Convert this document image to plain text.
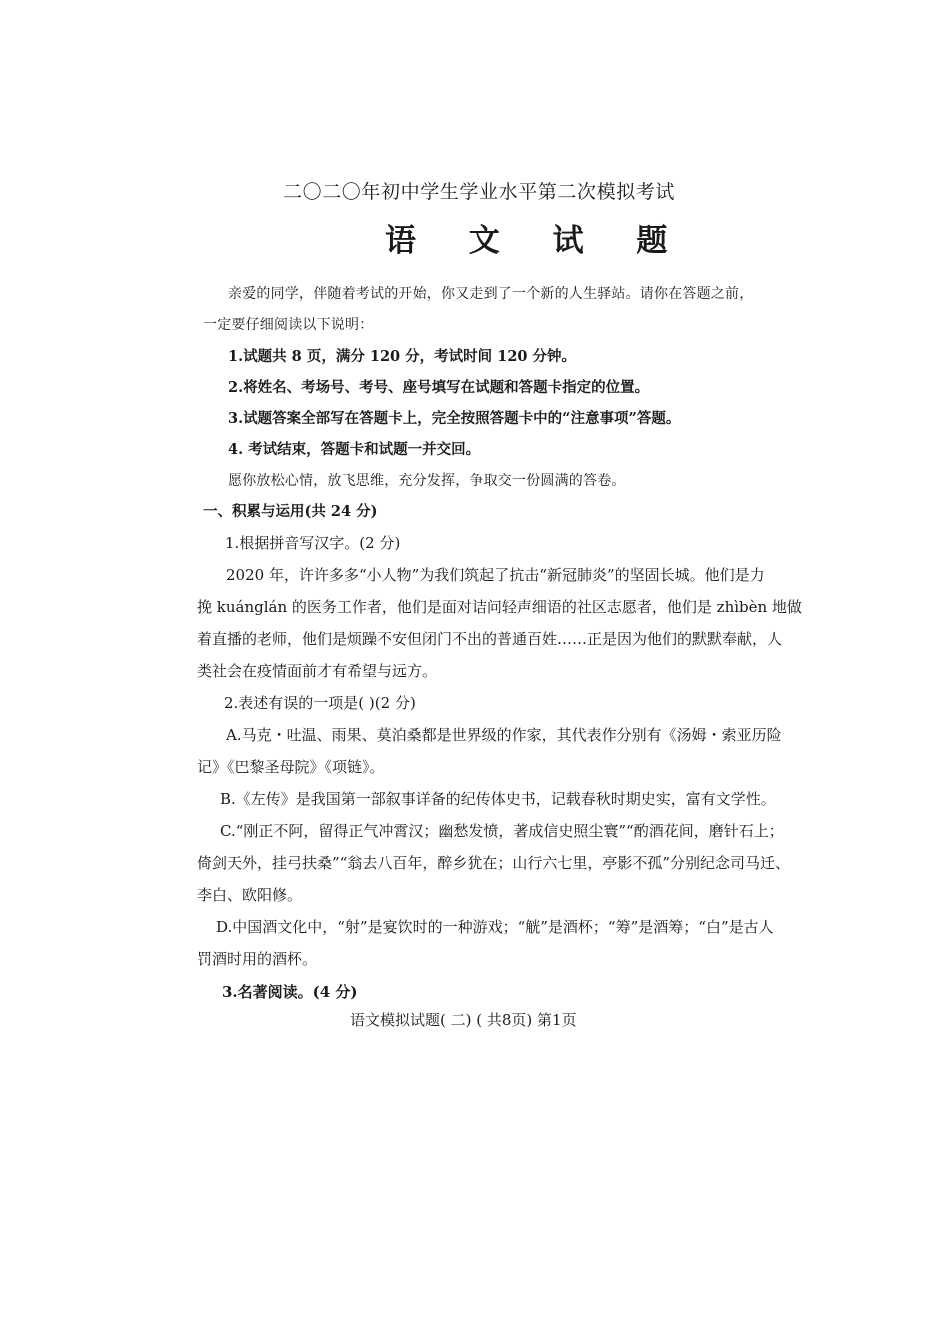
二〇二〇年初中学生学业水平第二次模拟考试
语 文 试 题
亲爱的同学，伴随着考试的开始，你又走到了一个新的人生驿站。请你在答题之前，
一定要仔细阅读以下说明：
1.试题共 8 页，满分 120 分，考试时间 120 分钟。
2.将姓名、考场号、考号、座号填写在试题和答题卡指定的位置。
3.试题答案全部写在答题卡上，完全按照答题卡中的“注意事项”答题。
4. 考试结束，答题卡和试题一并交回。
愿你放松心情，放飞思维，充分发挥，争取交一份圆满的答卷。
一、积累与运用(共 24 分)
1.根据拼音写汉字。(2 分)
2020 年，许许多多“小人物”为我们筑起了抗击“新冠肺炎”的坚固长城。他们是力
挽 kuánglán 的医务工作者，他们是面对诘问轻声细语的社区志愿者，他们是 zhìbèn 地做
着直播的老师，他们是烦躁不安但闭门不出的普通百姓……正是因为他们的默默奉献，人
类社会在疫情面前才有希望与远方。
2.表述有误的一项是( )(2 分)
A.马克・吐温、雨果、莫泊桑都是世界级的作家，其代表作分别有《汤姆・索亚历险
记》《巴黎圣母院》《项链》。
B.《左传》是我国第一部叙事详备的纪传体史书，记载春秋时期史实，富有文学性。
C.“刚正不阿，留得正气冲霄汉；幽愁发愤，著成信史照尘寰”“酌酒花间，磨针石上；
倚剑天外，挂弓扶桑”“翁去八百年，醉乡犹在；山行六七里，亭影不孤”分别纪念司马迁、
李白、欧阳修。
D.中国酒文化中，“射”是宴饮时的一种游戏；“觥”是酒杯；“筹”是酒筹；“白”是古人
罚酒时用的酒杯。
3.名著阅读。(4 分)
语文模拟试题( 二) ( 共8页) 第1页
